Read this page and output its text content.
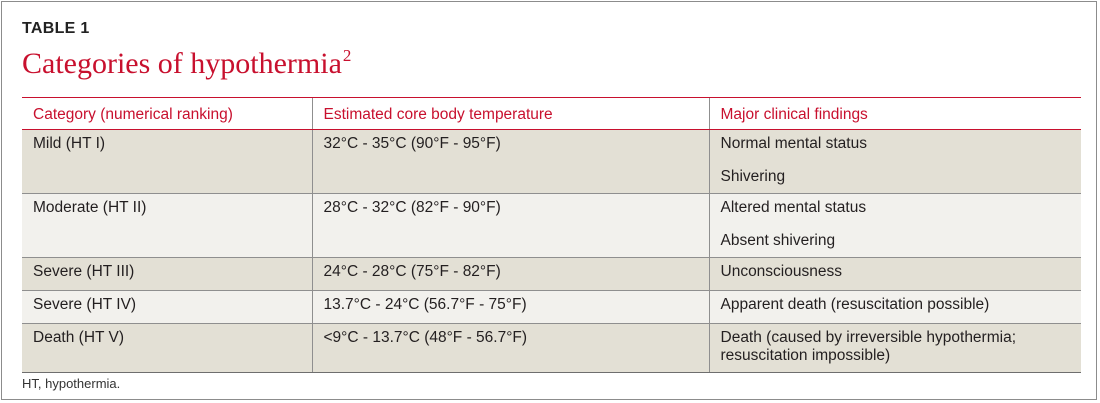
TABLE 1
Categories of hypothermia$^2$
Category (numerical ranking)	Estimated core body temperature	Major clinical findings
Mild (HT I)	32°C - 35°C (90°F - 95°F)	Normal mental status
Shivering

Moderate (HT II)	28°C - 32°C (82°F - 90°F)	Altered mental status
Absent shivering

Severe (HT III)	24°C - 28°C (75°F - 82°F)	Unconsciousness

Severe (HT IV)	13.7°C - 24°C (56.7°F - 75°F)	Apparent death (resuscitation possible)

Death (HT V)	<9°C - 13.7°C (48°F - 56.7°F)	Death (caused by irreversible hypothermia; resuscitation impossible)
HT, hypothermia.
